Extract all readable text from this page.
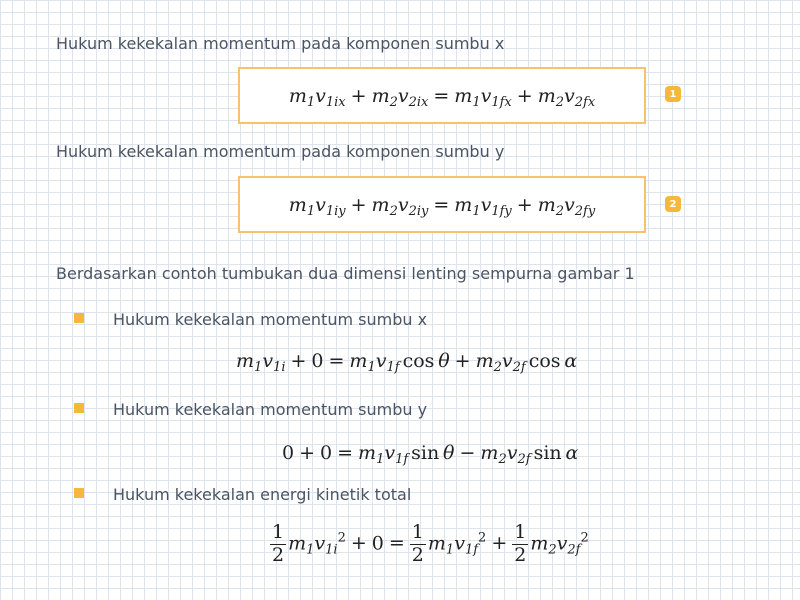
Hukum kekekalan momentum pada komponen sumbu x
$m_1v_{1ix} + m_2v_{2ix} = m_1v_{1fx} + m_2v_{2fx}$
1
Hukum kekekalan momentum pada komponen sumbu y
$m_1v_{1iy} + m_2v_{2iy} = m_1v_{1fy} + m_2v_{2fy}$	2
Berdasarkan contoh tumbukan dua dimensi lenting sempurna gambar 1
Hukum kekekalan momentum sumbu x
$m_1v_{1i} + 0 = m_1v_{1f}$ $\cos \theta + m_2v_{2f}$ cos  α
Hukum kekekalan momentum sumbu y
$0 + 0 = m_1v_{1f}$ $\sin \theta - m_2v_{2f}$ sin  α
Hukum kekekalan energi kinetik total
$\frac{1}{2} m_1v_{1i}^2 + 0 = \frac{1}{2} m_1v_{1f}^2 + \frac{1}{2} m_2v_{2f}^2$
